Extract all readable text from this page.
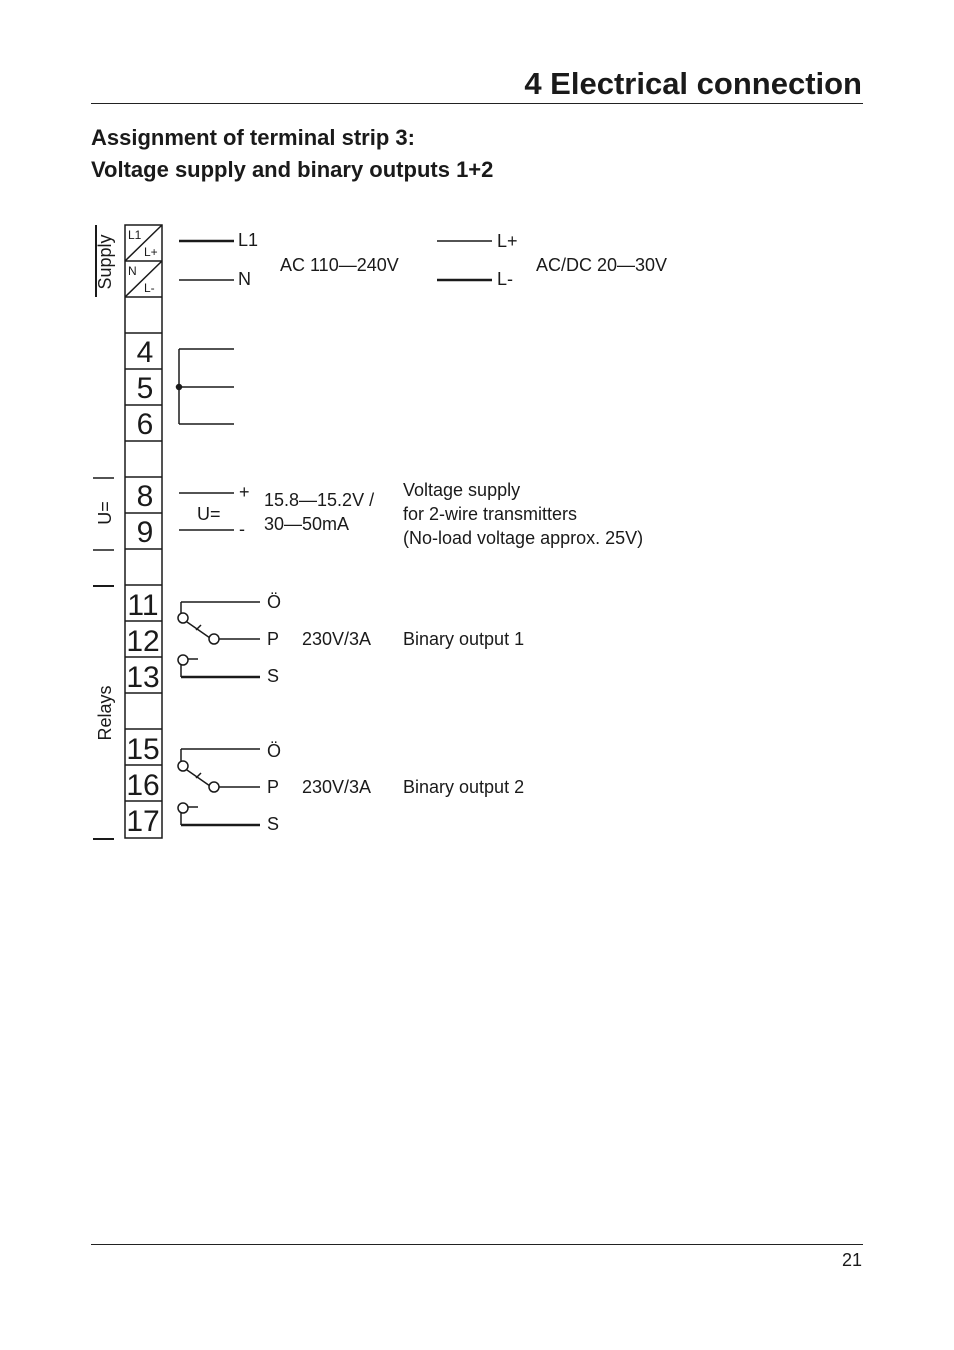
4 Electrical connection
Assignment of terminal strip 3:
Voltage supply and binary outputs 1+2
Supply
U=
Relays
L1
L+
N
L-
4
5
6
8
9
11
12
13
15
16
17
L1
N
AC 110—240V
L+
L-
AC/DC 20—30V
+
-
U=
15.8—15.2V /
30—50mA
Voltage supply
for 2-wire transmitters
(No-load voltage approx. 25V)
Ö
P
S
230V/3A Binary output 1
Ö
P
S
230V/3A Binary output 2
21
